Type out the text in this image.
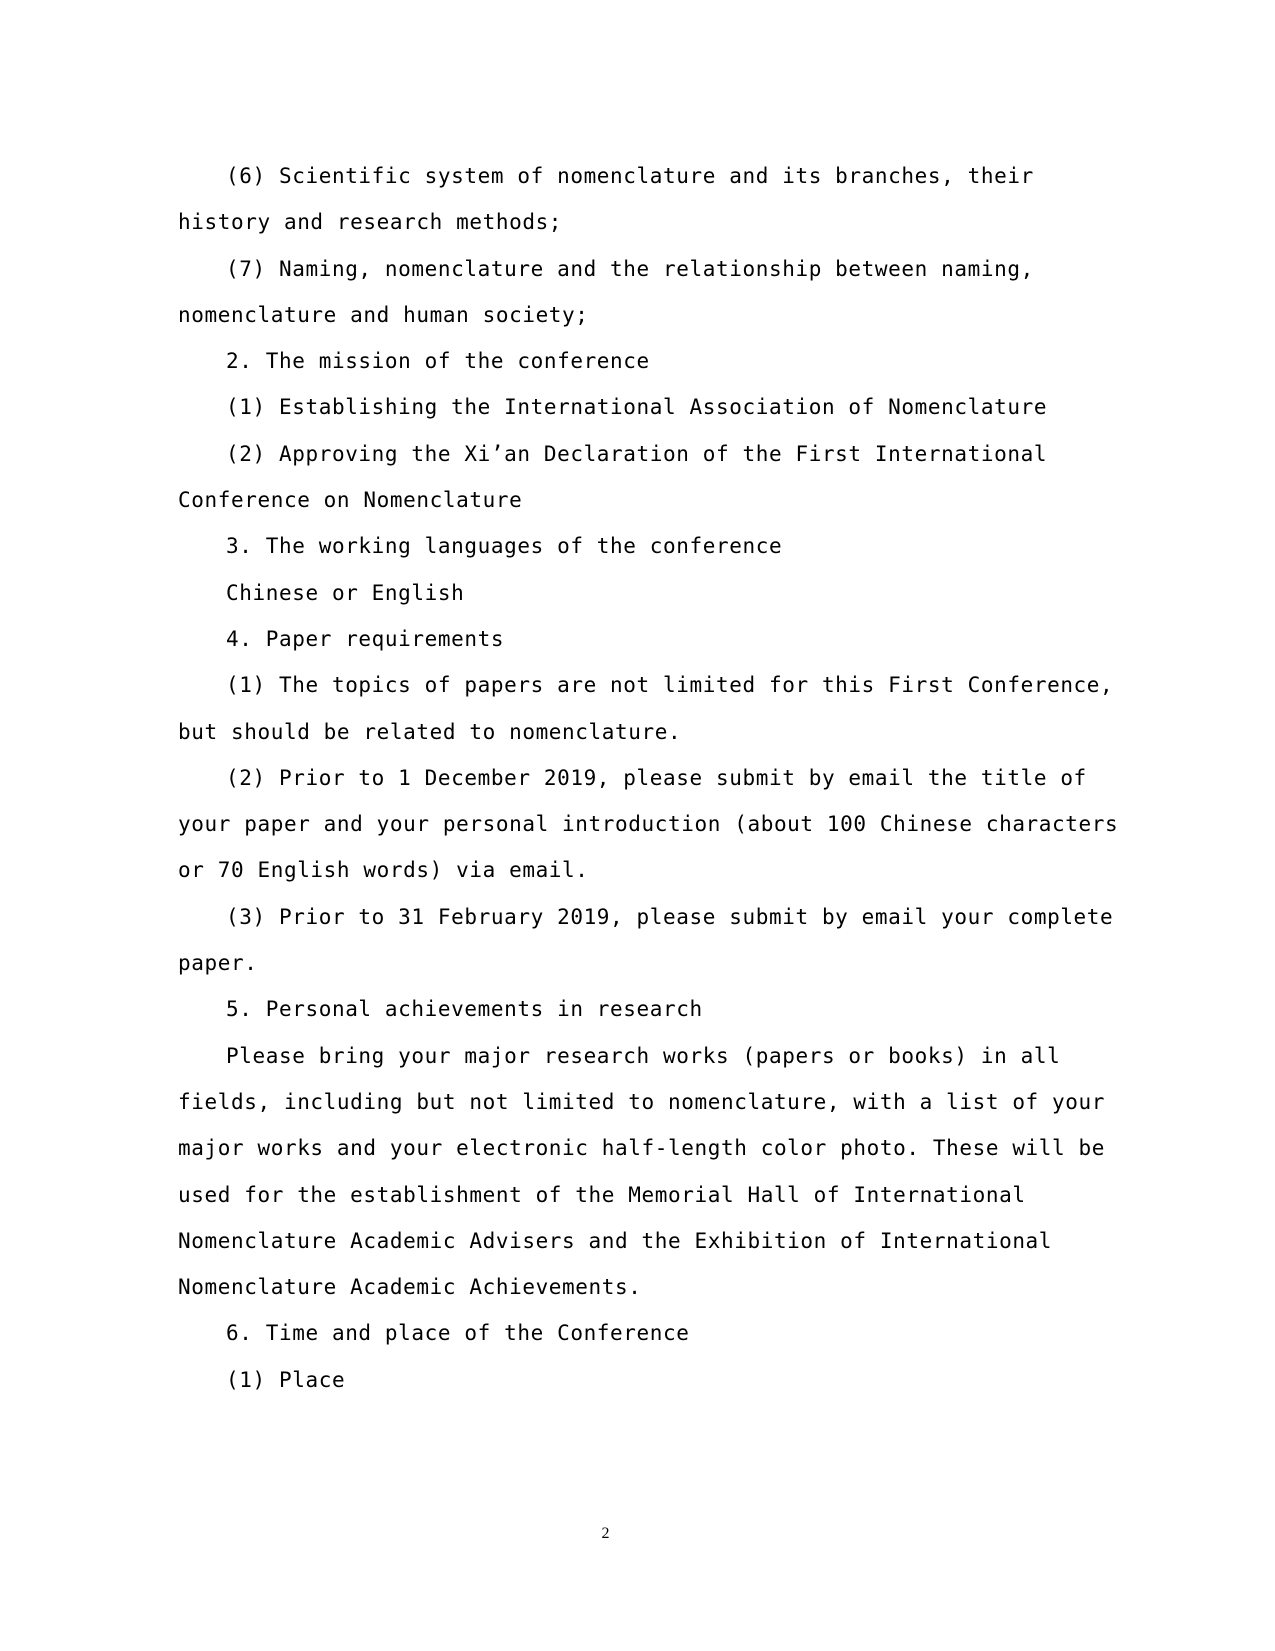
(6) Scientific system of nomenclature and its branches, their
history and research methods;
(7) Naming, nomenclature and the relationship between naming,
nomenclature and human society;
2. The mission of the conference
(1) Establishing the International Association of Nomenclature
(2) Approving the Xi’an Declaration of the First International
Conference on Nomenclature
3. The working languages of the conference
Chinese or English
4. Paper requirements
(1) The topics of papers are not limited for this First Conference,
but should be related to nomenclature.
(2) Prior to 1 December 2019, please submit by email the title of
your paper and your personal introduction (about 100 Chinese characters
or 70 English words) via email.
(3) Prior to 31 February 2019, please submit by email your complete
paper.
5. Personal achievements in research
Please bring your major research works (papers or books) in all
fields, including but not limited to nomenclature, with a list of your
major works and your electronic half-length color photo. These will be
used for the establishment of the Memorial Hall of International
Nomenclature Academic Advisers and the Exhibition of International
Nomenclature Academic Achievements.
6. Time and place of the Conference
(1) Place
2
